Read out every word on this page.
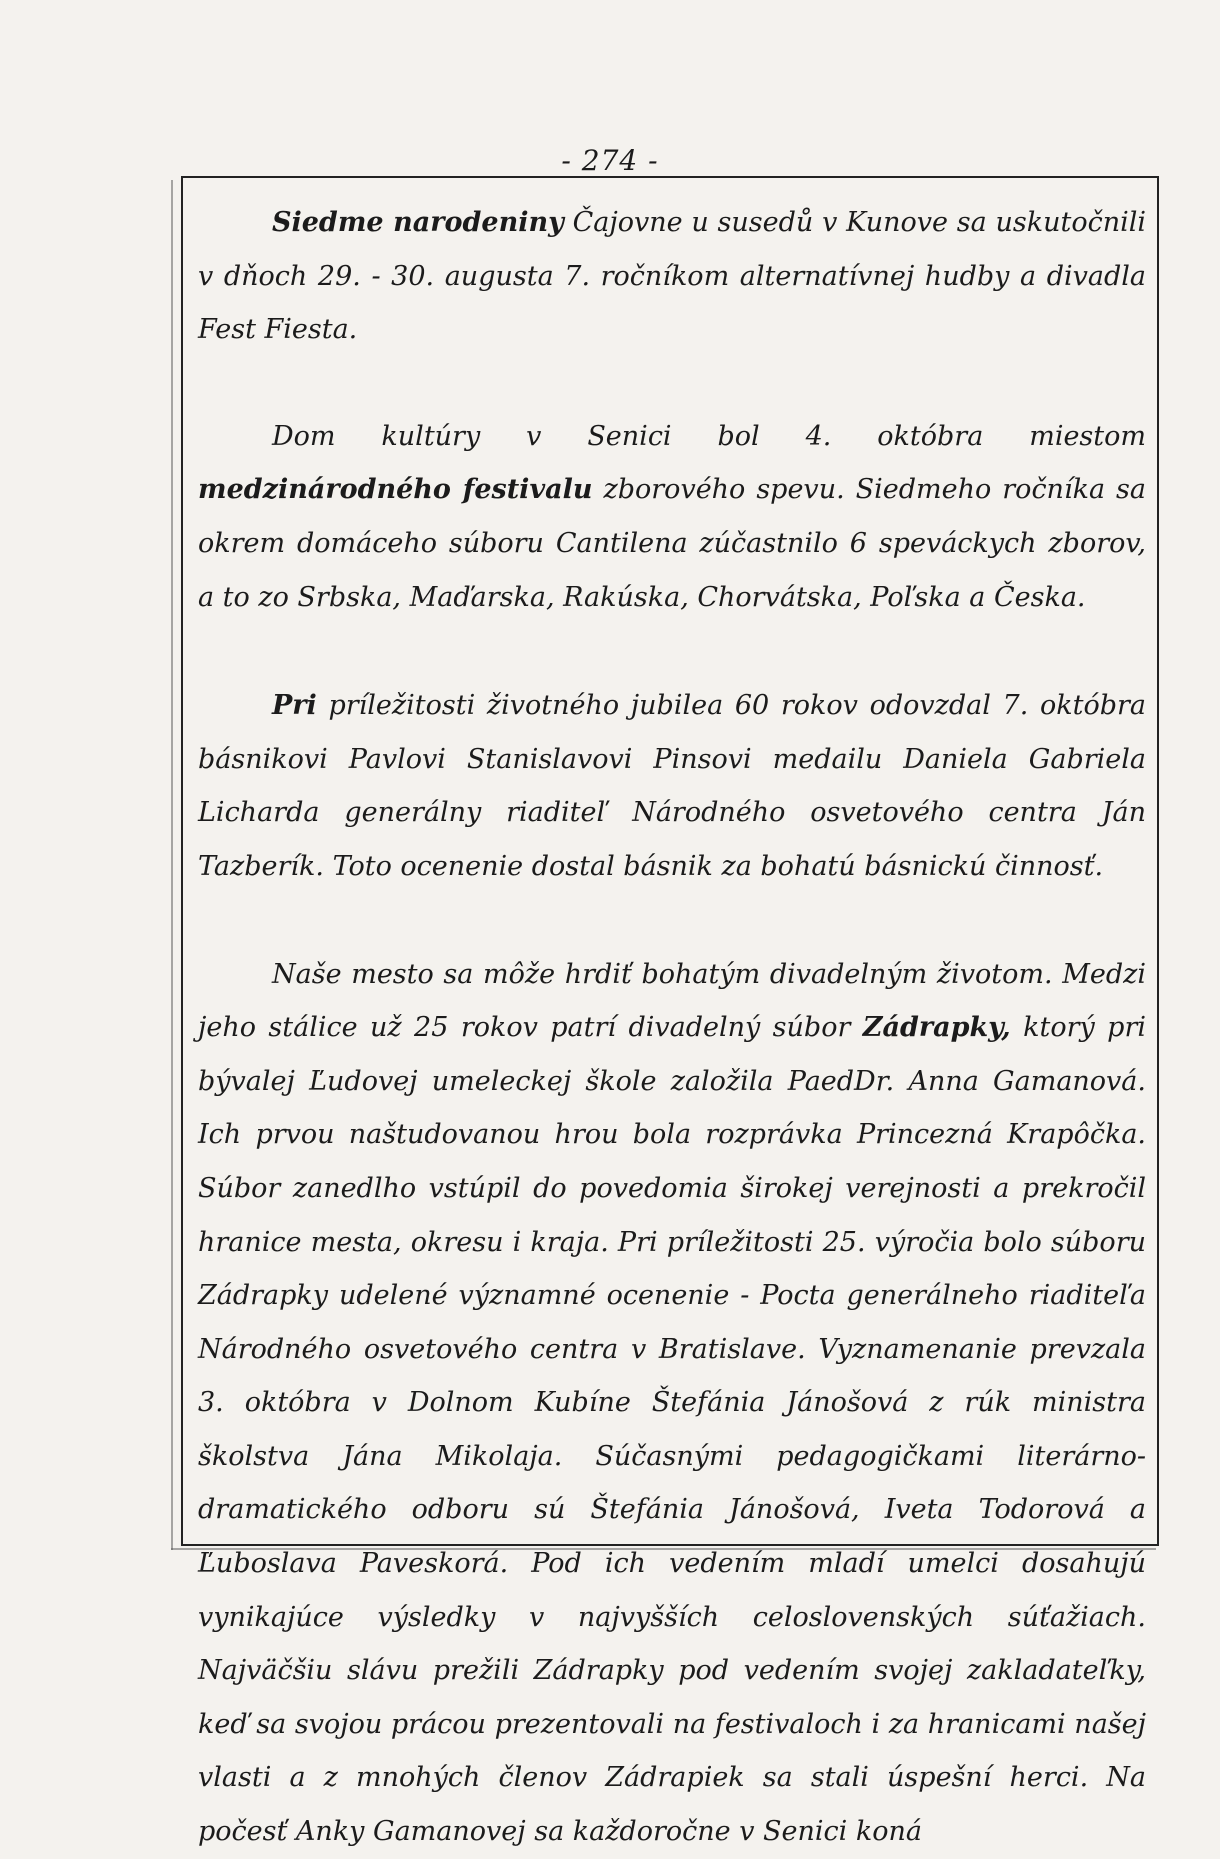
- 274 -

Siedme narodeniny Čajovne u susedů v Kunove sa uskutočnili v dňoch 29. - 30. augusta 7. ročníkom alternatívnej hudby a divadla Fest Fiesta.

Dom kultúry v Senici bol 4. októbra miestom medzinárodného festivalu zborového spevu. Siedmeho ročníka sa okrem domáceho súboru Cantilena zúčastnilo 6 speváckych zborov, a to zo Srbska, Maďarska, Rakúska, Chorvátska, Poľska a Česka.

Pri príležitosti životného jubilea 60 rokov odovzdal 7. októbra básnikovi Pavlovi Stanislavovi Pinsovi medailu Daniela Gabriela Licharda generálny riaditeľ Národného osvetového centra Ján Tazberík. Toto ocenenie dostal básnik za bohatú básnickú činnosť.

Naše mesto sa môže hrdiť bohatým divadelným životom. Medzi jeho stálice už 25 rokov patrí divadelný súbor Zádrapky, ktorý pri bývalej Ľudovej umeleckej škole založila PaedDr. Anna Gamanová. Ich prvou naštudovanou hrou bola rozprávka Princezná Krapôčka. Súbor zanedlho vstúpil do povedomia širokej verejnosti a prekročil hranice mesta, okresu i kraja. Pri príležitosti 25. výročia bolo súboru Zádrapky udelené významné ocenenie - Pocta generálneho riaditeľa Národného osvetového centra v Bratislave. Vyznamenanie prevzala 3. októbra v Dolnom Kubíne Štefánia Jánošová z rúk ministra školstva Jána Mikolaja. Súčasnými pedagogičkami literárno-dramatického odboru sú Štefánia Jánošová, Iveta Todorová a Ľuboslava Paveskorá. Pod ich vedením mladí umelci dosahujú vynikajúce výsledky v najvyšších celoslovenských súťažiach. Najväčšiu slávu prežili Zádrapky pod vedením svojej zakladateľky, keď sa svojou prácou prezentovali na festivaloch i za hranicami našej vlasti a z mnohých členov Zádrapiek sa stali úspešní herci. Na počesť Anky Gamanovej sa každoročne v Senici koná
